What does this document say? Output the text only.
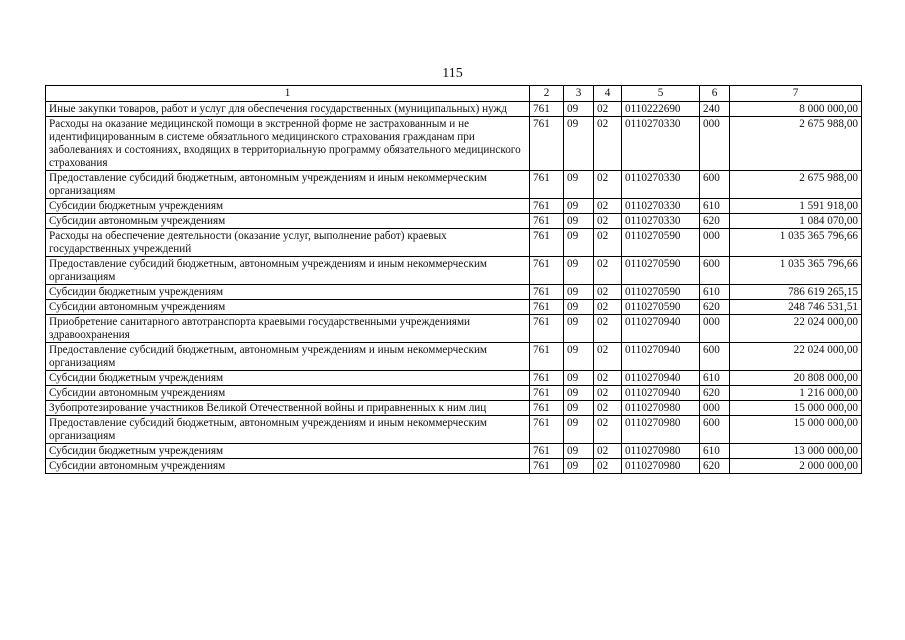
115
1	2	3	4	5	6	7
Иные закупки товаров, работ и услуг для обеспечения государственных (муниципальных) нужд	761	09	02	0110222690	240	8 000 000,00
Расходы на оказание медицинской помощи в экстренной форме не застрахованным и не идентифицированным в системе обязатльного медицинского страхования гражданам при заболеваниях и состояниях, входящих в территориальную программу обязательного медицинского страхования	761	09	02	0110270330	000	2 675 988,00
Предоставление субсидий бюджетным, автономным учреждениям и иным некоммерческим организациям	761	09	02	0110270330	600	2 675 988,00
Субсидии бюджетным учреждениям	761	09	02	0110270330	610	1 591 918,00
Субсидии автономным учреждениям	761	09	02	0110270330	620	1 084 070,00
Расходы на обеспечение деятельности (оказание услуг, выполнение работ) краевых государственных учреждений	761	09	02	0110270590	000	1 035 365 796,66
Предоставление субсидий бюджетным, автономным учреждениям и иным некоммерческим организациям	761	09	02	0110270590	600	1 035 365 796,66
Субсидии бюджетным учреждениям	761	09	02	0110270590	610	786 619 265,15
Субсидии автономным учреждениям	761	09	02	0110270590	620	248 746 531,51
Приобретение санитарного автотранспорта краевыми государственными учреждениями здравоохранения	761	09	02	0110270940	000	22 024 000,00
Предоставление субсидий бюджетным, автономным учреждениям и иным некоммерческим организациям	761	09	02	0110270940	600	22 024 000,00
Субсидии бюджетным учреждениям	761	09	02	0110270940	610	20 808 000,00
Субсидии автономным учреждениям	761	09	02	0110270940	620	1 216 000,00
Зубопротезирование участников Великой Отечественной войны и приравненных к ним лиц	761	09	02	0110270980	000	15 000 000,00
Предоставление субсидий бюджетным, автономным учреждениям и иным некоммерческим организациям	761	09	02	0110270980	600	15 000 000,00
Субсидии бюджетным учреждениям	761	09	02	0110270980	610	13 000 000,00
Субсидии автономным учреждениям	761	09	02	0110270980	620	2 000 000,00
